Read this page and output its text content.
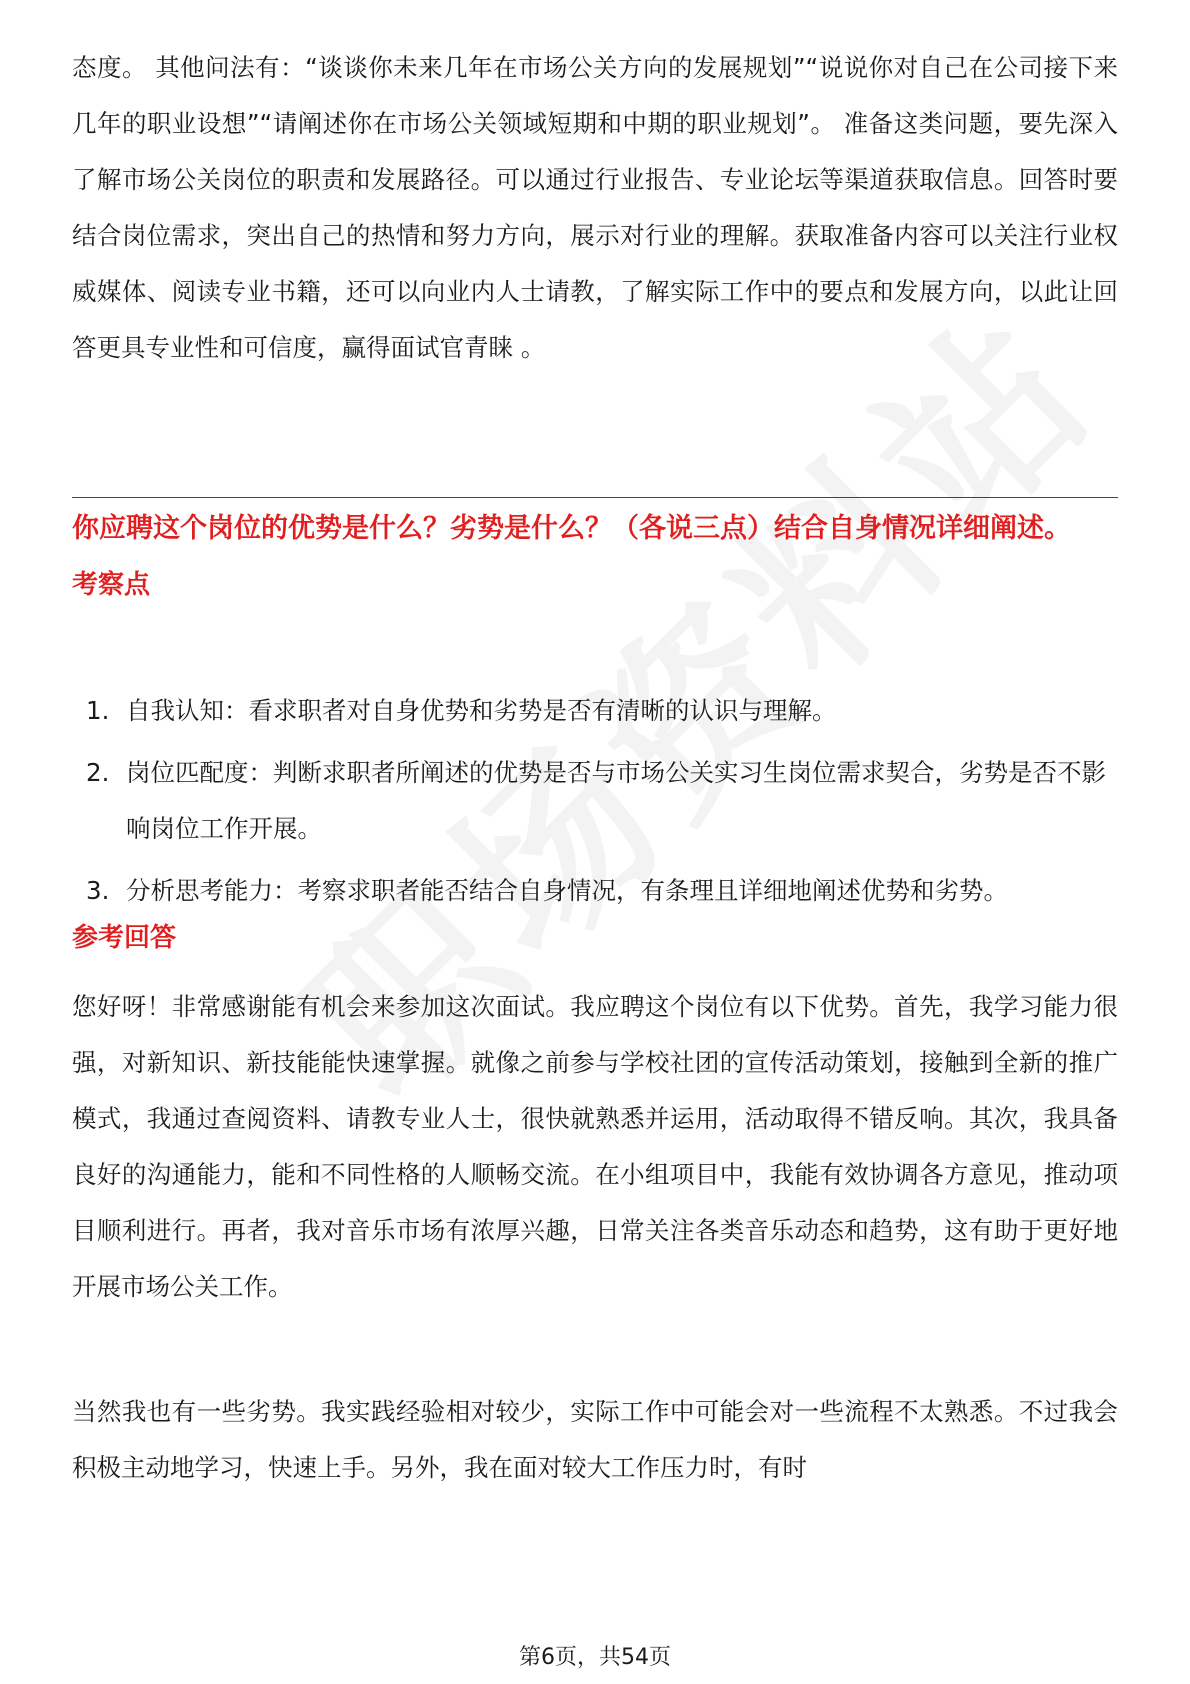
态度。 其他问法有：“谈谈你未来几年在市场公关方向的发展规划”“说说你对自己在公司接下来几年的职业设想”“请阐述你在市场公关领域短期和中期的职业规划”。 准备这类问题，要先深入了解市场公关岗位的职责和发展路径。可以通过行业报告、专业论坛等渠道获取信息。回答时要结合岗位需求，突出自己的热情和努力方向，展示对行业的理解。获取准备内容可以关注行业权威媒体、阅读专业书籍，还可以向业内人士请教，了解实际工作中的要点和发展方向，以此让回答更具专业性和可信度，赢得面试官青睐 。

你应聘这个岗位的优势是什么？劣势是什么？（各说三点）结合自身情况详细阐述。

考察点

1. 自我认知：看求职者对自身优势和劣势是否有清晰的认识与理解。
2. 岗位匹配度：判断求职者所阐述的优势是否与市场公关实习生岗位需求契合，劣势是否不影响岗位工作开展。
3. 分析思考能力：考察求职者能否结合自身情况，有条理且详细地阐述优势和劣势。

参考回答

您好呀！非常感谢能有机会来参加这次面试。我应聘这个岗位有以下优势。首先，我学习能力很强，对新知识、新技能能快速掌握。就像之前参与学校社团的宣传活动策划，接触到全新的推广模式，我通过查阅资料、请教专业人士，很快就熟悉并运用，活动取得不错反响。其次，我具备良好的沟通能力，能和不同性格的人顺畅交流。在小组项目中，我能有效协调各方意见，推动项目顺利进行。再者，我对音乐市场有浓厚兴趣，日常关注各类音乐动态和趋势，这有助于更好地开展市场公关工作。

当然我也有一些劣势。我实践经验相对较少，实际工作中可能会对一些流程不太熟悉。不过我会积极主动地学习，快速上手。另外，我在面对较大工作压力时，有时

第6页，共54页
